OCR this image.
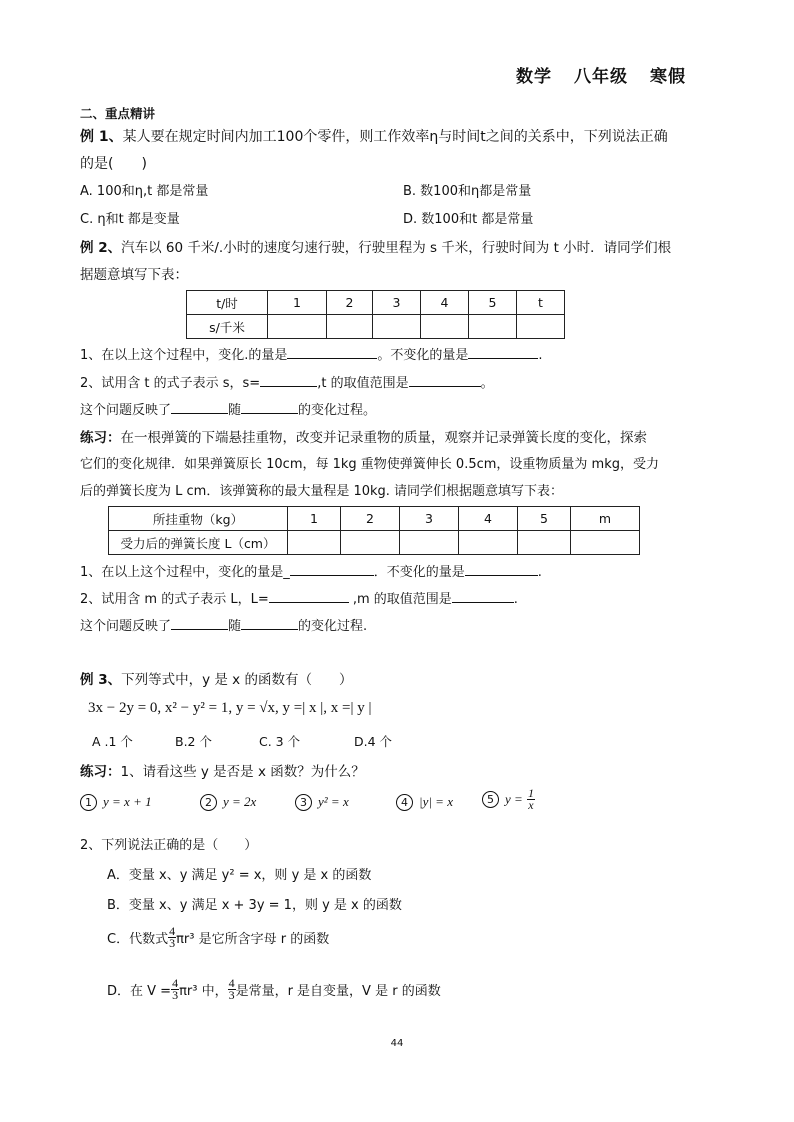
数学 八年级 寒假
二、重点精讲
例 1、某人要在规定时间内加工100个零件，则工作效率η与时间t之间的关系中，下列说法正确
的是(　　)
A. 100和η,t 都是常量	B. 数100和η都是常量
C. η和t 都是变量	D. 数100和t 都是常量
例 2、汽车以 60 千米/.小时的速度匀速行驶，行驶里程为 s 千米，行驶时间为 t 小时．请同学们根
据题意填写下表：
t/时	1	2	3	4	5	t
s/千米						
1、在以上这个过程中，变化.的量是	。不变化的量是	.
2、试用含 t 的式子表示 s，s=	,t 的取值范围是	。
这个问题反映了	随	的变化过程。
练习：在一根弹簧的下端悬挂重物，改变并记录重物的质量，观察并记录弹簧长度的变化，探索
它们的变化规律．如果弹簧原长 10cm，每 1kg 重物使弹簧伸长 0.5cm，设重物质量为 mkg，受力
后的弹簧长度为 L cm．该弹簧称的最大量程是 10kg. 请同学们根据题意填写下表：
所挂重物（kg）	1	2	3	4	5	m
受力后的弹簧长度 L（cm）						
1、在以上这个过程中，变化的量是_	．不变化的量是	.
2、试用含 m 的式子表示 L，L=	,m 的取值范围是	.
这个问题反映了	随	的变化过程.
例 3、下列等式中，y 是 x 的函数有（　　）
3x − 2y = 0, x² − y² = 1, y = √x, y =| x |, x =| y |
A .1 个	B.2 个	C. 3 个	D.4 个
练习：1、请看这些 y 是否是 x 函数？为什么？
1 y = x + 1	2 y = 2x	3 y² = x	4 |y| = x	5 $y = \frac{1}{x}$
2、下列说法正确的是（　　）
A．变量 x、y 满足 y² = x，则 y 是 x 的函数
B．变量 x、y 满足 x + 3y = 1，则 y 是 x 的函数
C．代数式 $\frac{4}{3} \pi r^3$ 是它所含字母 r 的函数
D．在 $V = \frac{4}{3} \pi r^3$ 中， $\frac{4}{3}$ 是常量，r 是自变量，V 是 r 的函数
44
